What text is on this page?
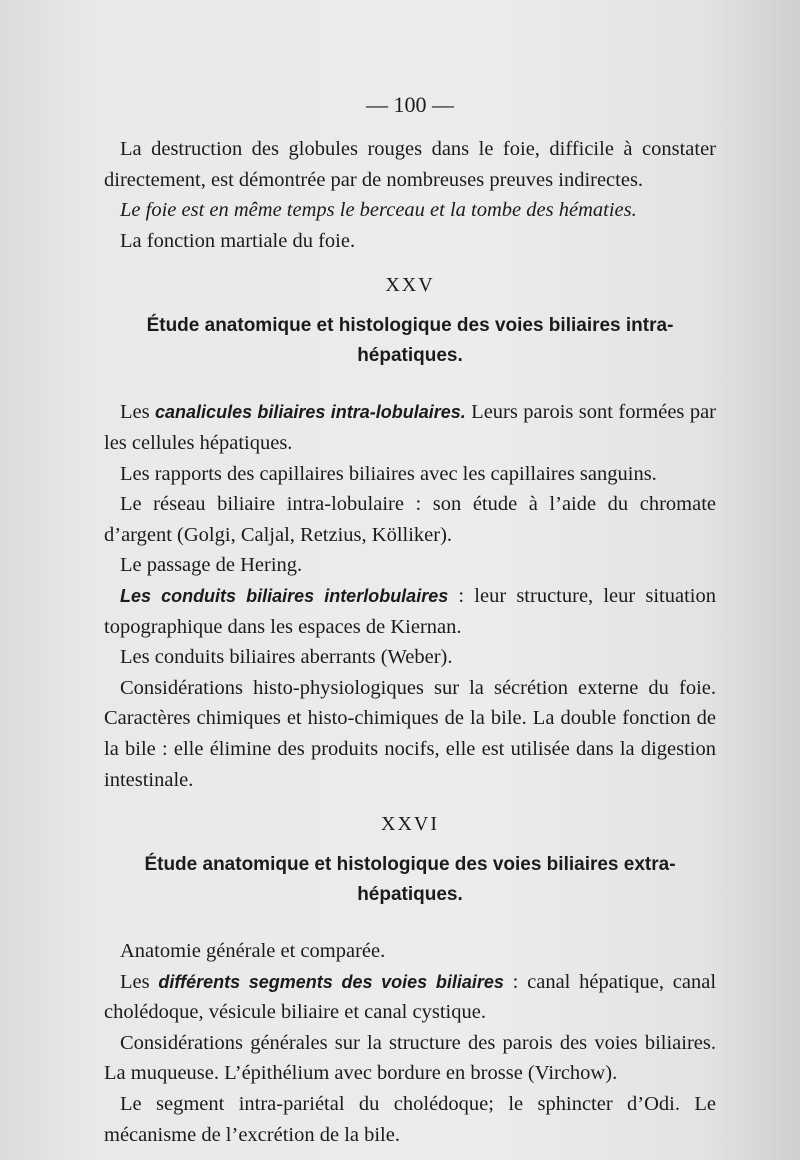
— 100 —

La destruction des globules rouges dans le foie, difficile à constater directement, est démontrée par de nombreuses preuves indirectes.

Le foie est en même temps le berceau et la tombe des hématies.

La fonction martiale du foie.

XXV
Étude anatomique et histologique des voies biliaires intra-hépatiques.

Les canalicules biliaires intra-lobulaires. Leurs parois sont formées par les cellules hépatiques.

Les rapports des capillaires biliaires avec les capillaires sanguins.

Le réseau biliaire intra-lobulaire : son étude à l’aide du chromate d’argent (Golgi, Caljal, Retzius, Kölliker).

Le passage de Hering.

Les conduits biliaires interlobulaires : leur structure, leur situation topographique dans les espaces de Kiernan.

Les conduits biliaires aberrants (Weber).

Considérations histo-physiologiques sur la sécrétion externe du foie. Caractères chimiques et histo-chimiques de la bile. La double fonction de la bile : elle élimine des produits nocifs, elle est utilisée dans la digestion intestinale.

XXVI
Étude anatomique et histologique des voies biliaires extra-hépatiques.

Anatomie générale et comparée.

Les différents segments des voies biliaires : canal hépatique, canal cholédoque, vésicule biliaire et canal cystique.

Considérations générales sur la structure des parois des voies biliaires. La muqueuse. L’épithélium avec bordure en brosse (Virchow).

Le segment intra-pariétal du cholédoque; le sphincter d’Odi. Le mécanisme de l’excrétion de la bile.
